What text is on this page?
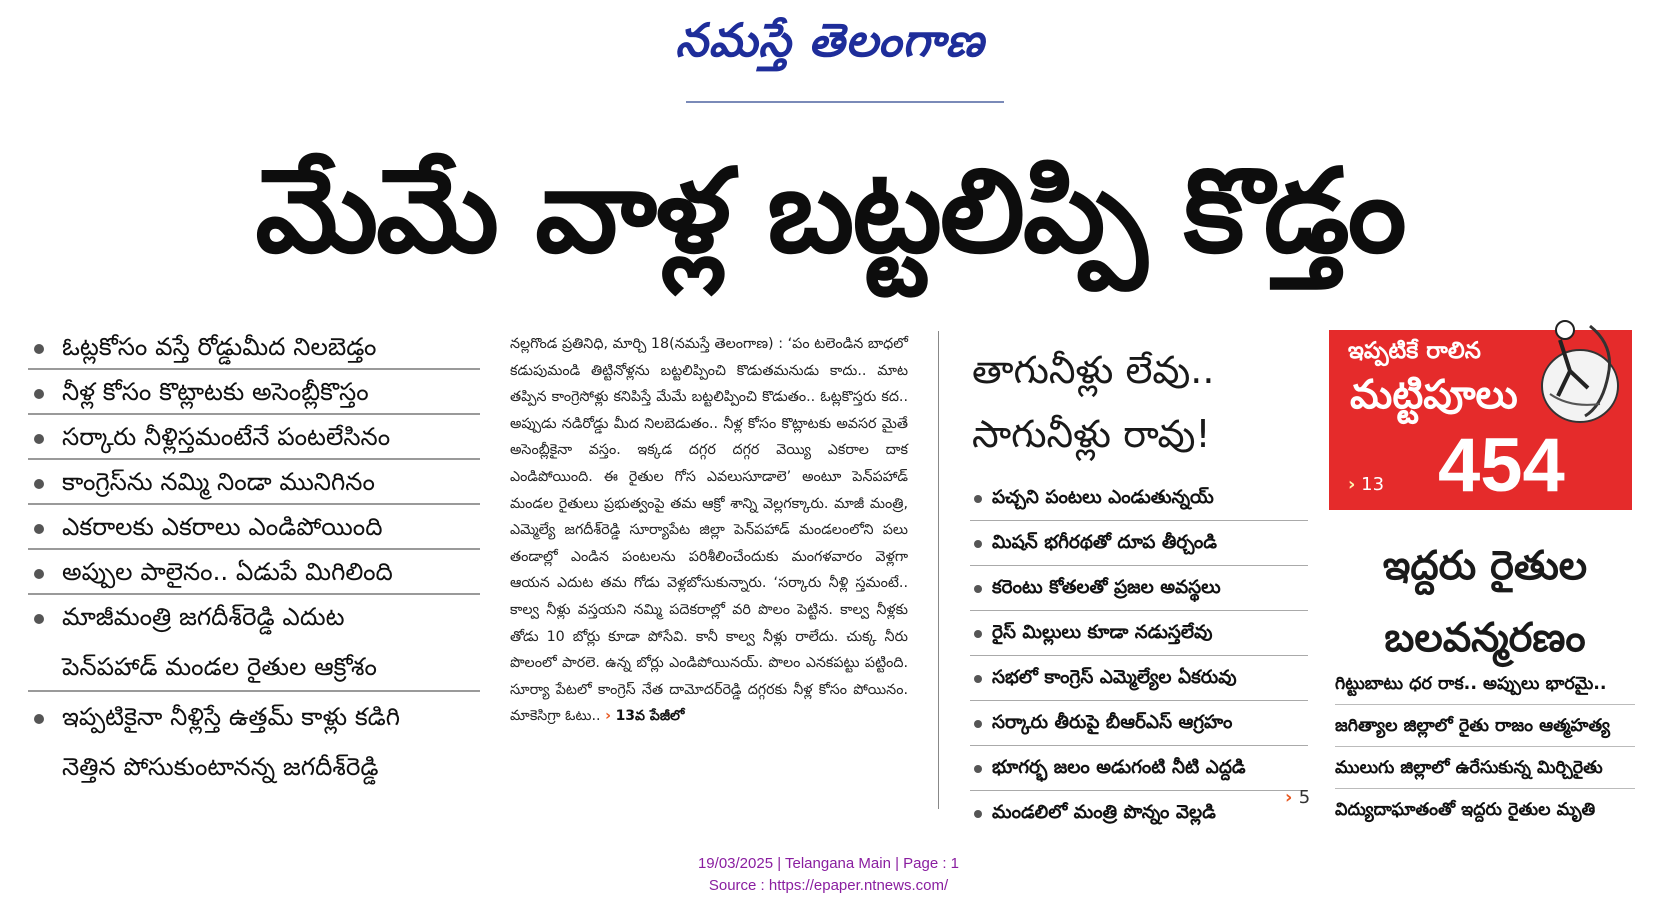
నమస్తే తెలంగాణ
మేమే వాళ్ల బట్టలిప్పి కొడ్తం
ఓట్లకోసం వస్తే రోడ్డుమీద నిలబెడ్తం
నీళ్ల కోసం కొట్లాటకు అసెంబ్లీకొస్తం
సర్కారు నీళ్లిస్తమంటేనే పంటలేసినం
కాంగ్రెస్‌ను నమ్మి నిండా మునిగినం
ఎకరాలకు ఎకరాలు ఎండిపోయింది
అప్పుల పాలైనం.. ఏడుపే మిగిలింది
మాజీమంత్రి జగదీశ్‌రెడ్డి ఎదుట
పెన్‌పహాడ్ మండల రైతుల ఆక్రోశం
ఇప్పటికైనా నీళ్లిస్తే ఉత్తమ్ కాళ్లు కడిగి
నెత్తిన పోసుకుంటానన్న జగదీశ్‌రెడ్డి

నల్లగొండ ప్రతినిధి, మార్చి 18(నమస్తే తెలంగాణ) : ‘పం టలెండిన బాధలో కడుపుమండి తిట్టినోళ్లను బట్టలిప్పించి కొడుతమనుడు కాదు.. మాట తప్పిన కాంగ్రెసోళ్లు కనిపిస్తే మేమే బట్టలిప్పించి కొడుతం.. ఓట్లకొస్తరు కద.. అప్పుడు నడిరోడ్డు మీద నిలబెడుతం.. నీళ్ల కోసం కొట్లాటకు అవసర మైతే అసెంబ్లీకైనా వస్తం. ఇక్కడ దగ్గర దగ్గర వెయ్యి ఎకరాల దాక ఎండిపోయింది. ఈ రైతుల గోస ఎవలుసూడాలె’ అంటూ పెన్‌పహాడ్ మండల రైతులు ప్రభుత్వంపై తమ ఆక్రో శాన్ని వెల్లగక్కారు. మాజీ మంత్రి, ఎమ్మెల్యే జగదీశ్‌రెడ్డి సూర్యాపేట జిల్లా పెన్‌పహాడ్ మండలంలోని పలు తండాల్లో ఎండిన పంటలను పరిశీలించేందుకు మంగళవారం వెళ్లగా ఆయన ఎదుట తమ గోడు వెళ్లబోసుకున్నారు. ‘సర్కారు నీళ్లి స్తమంటే.. కాల్వ నీళ్లు వస్తయని నమ్మి పదెకరాల్లో వరి పొలం పెట్టిన. కాల్వ నీళ్లకు తోడు 10 బోర్లు కూడా పోసేవి. కానీ కాల్వ నీళ్లు రాలేదు. చుక్క నీరు పొలంలో పారలె. ఉన్న బోర్లు ఎండిపోయినయ్. పొలం ఎనకపట్టు పట్టింది. సూర్యా పేటలో కాంగ్రెస్ నేత దామోదర్‌రెడ్డి దగ్గరకు నీళ్ల కోసం పోయినం. మాకెసిగ్రా ఓటు.. › 13వ పేజీలో

తాగునీళ్లు లేవు..
సాగునీళ్లు రావు!
పచ్చని పంటలు ఎండుతున్నయ్
మిషన్ భగీరథతో దూప తీర్చండి
కరెంటు కోతలతో ప్రజల అవస్థలు
రైస్ మిల్లులు కూడా నడుస్తలేవు
సభలో కాంగ్రెస్ ఎమ్మెల్యేల ఏకరువు
సర్కారు తీరుపై బీఆర్‌ఎస్ ఆగ్రహం
భూగర్భ జలం అడుగంటి నీటి ఎద్దడి
మండలిలో మంత్రి పొన్నం వెల్లడి
› 5
ఇప్పటికే రాలిన
మట్టిపూలు
› 13 454
ఇద్దరు రైతుల
బలవన్మరణం
గిట్టుబాటు ధర రాక.. అప్పులు భారమై..
జగిత్యాల జిల్లాలో రైతు రాజం ఆత్మహత్య
ములుగు జిల్లాలో ఉరేసుకున్న మిర్చిరైతు
విద్యుదాఘాతంతో ఇద్దరు రైతుల మృతి
19/03/2025 | Telangana Main | Page : 1
Source : https://epaper.ntnews.com/
